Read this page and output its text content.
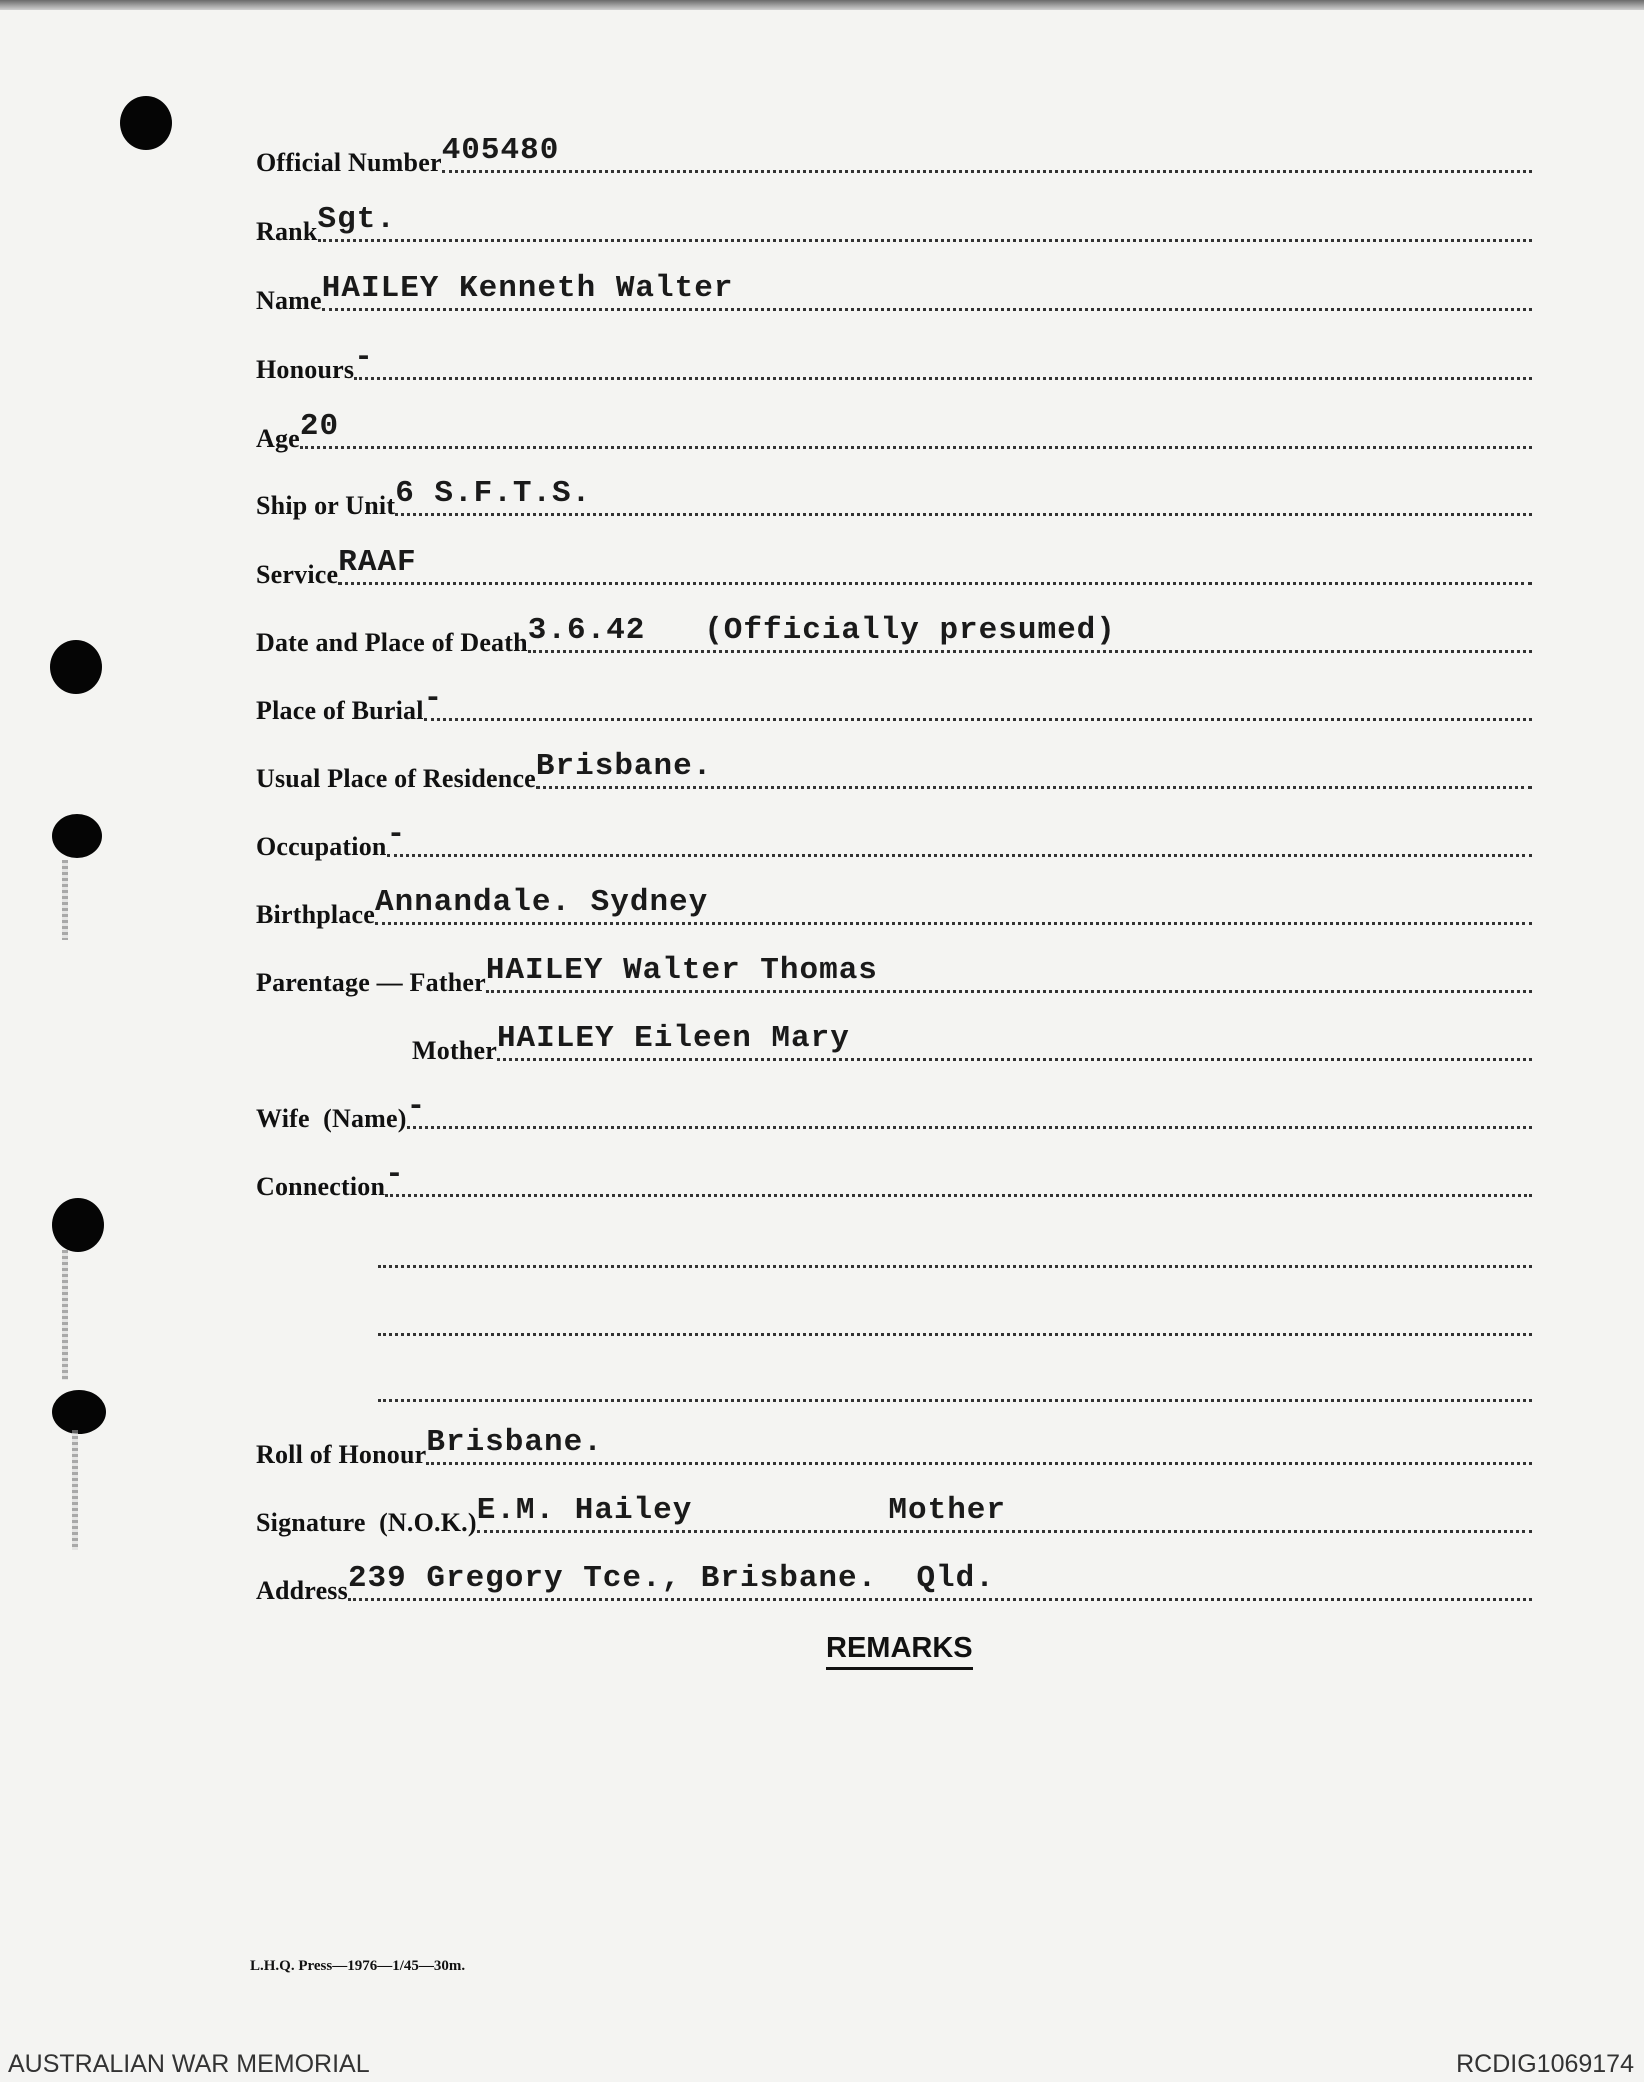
Official Number 405480
Rank Sgt.
Name HAILEY Kenneth Walter
Honours -
Age 20
Ship or Unit 6 S.F.T.S.
Service RAAF
Date and Place of Death 3.6.42   (Officially presumed)
Place of Burial -
Usual Place of Residence Brisbane.
Occupation -
Birthplace Annandale. Sydney
Parentage — Father HAILEY Walter Thomas
Mother HAILEY Eileen Mary
Wife  (Name) -
Connection -
Roll of Honour Brisbane.
Signature  (N.O.K.) E.M. Hailey          Mother
Address 239 Gregory Tce., Brisbane.  Qld.
REMARKS
L.H.Q. Press—1976—1/45—30m.
AUSTRALIAN WAR MEMORIAL	RCDIG1069174
